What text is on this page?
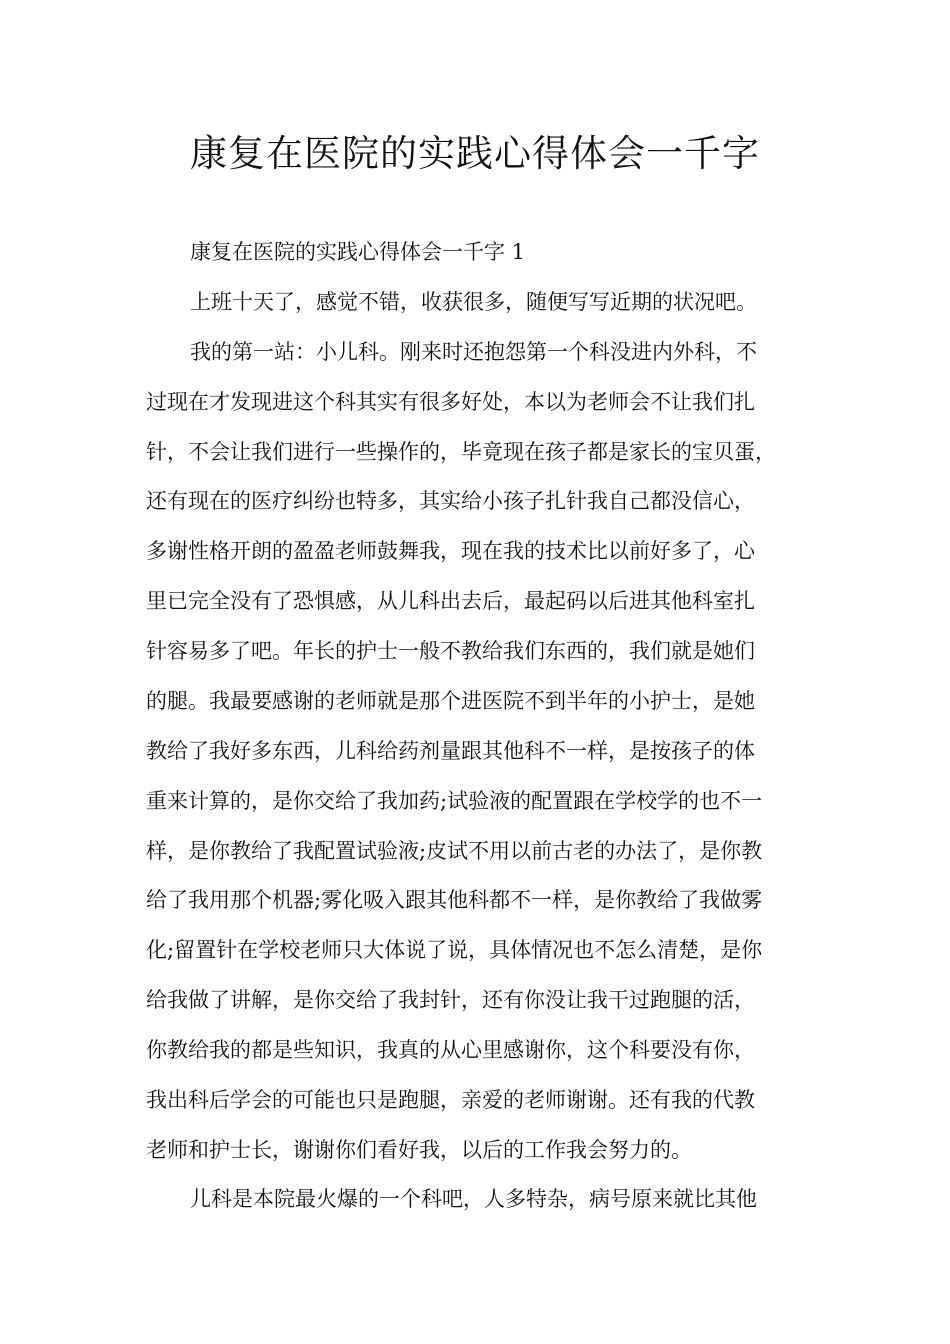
康复在医院的实践心得体会一千字

康复在医院的实践心得体会一千字 1

上班十天了，感觉不错，收获很多，随便写写近期的状况吧。

我的第一站：小儿科。刚来时还抱怨第一个科没进内外科，不

过现在才发现进这个科其实有很多好处，本以为老师会不让我们扎

针，不会让我们进行一些操作的，毕竟现在孩子都是家长的宝贝蛋，

还有现在的医疗纠纷也特多，其实给小孩子扎针我自己都没信心，

多谢性格开朗的盈盈老师鼓舞我，现在我的技术比以前好多了，心

里已完全没有了恐惧感，从儿科出去后，最起码以后进其他科室扎

针容易多了吧。年长的护士一般不教给我们东西的，我们就是她们

的腿。我最要感谢的老师就是那个进医院不到半年的小护士，是她

教给了我好多东西，儿科给药剂量跟其他科不一样，是按孩子的体

重来计算的，是你交给了我加药;试验液的配置跟在学校学的也不一

样，是你教给了我配置试验液;皮试不用以前古老的办法了，是你教

给了我用那个机器;雾化吸入跟其他科都不一样，是你教给了我做雾

化;留置针在学校老师只大体说了说，具体情况也不怎么清楚，是你

给我做了讲解，是你交给了我封针，还有你没让我干过跑腿的活，

你教给我的都是些知识，我真的从心里感谢你，这个科要没有你，

我出科后学会的可能也只是跑腿，亲爱的老师谢谢。还有我的代教

老师和护士长，谢谢你们看好我，以后的工作我会努力的。

儿科是本院最火爆的一个科吧，人多特杂，病号原来就比其他
